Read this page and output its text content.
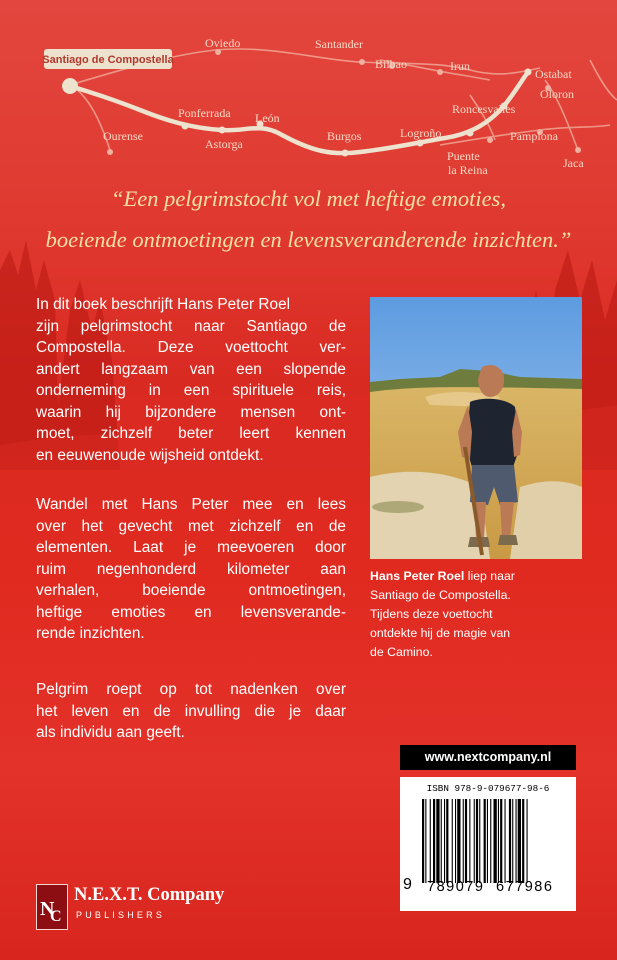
Santiago de Compostella
Oviedo	Santander
Bilbao	Irun
Ostabat
Oloron
Ponferrada León
Ourense
Astorga
Burgos	Logroño
Roncesvalles
Pamplona
Puente
la Reina	Jaca
“Een pelgrimstocht vol met heftige emoties,
boeiende ontmoetingen en levensveranderende inzichten.”
In dit boek beschrijft Hans Peter Roel
zijn pelgrimstocht naar Santiago de
Compostella. Deze voettocht ver-
andert langzaam van een slopende
onderneming in een spirituele reis,
waarin hij bijzondere mensen ont-
moet, zichzelf beter leert kennen
en eeuwenoude wijsheid ontdekt.
Wandel met Hans Peter mee en lees
over het gevecht met zichzelf en de
elementen. Laat je meevoeren door
ruim negenhonderd kilometer aan
verhalen, boeiende ontmoetingen,
heftige emoties en levensverande-
rende inzichten.
Pelgrim roept op tot nadenken over
het leven en de invulling die je daar
als individu aan geeft.
Hans Peter Roel liep naar
Santiago de Compostella.
Tijdens deze voettocht
ontdekte hij de magie van
de Camino.
www.nextcompany.nl
ISBN 978-9-079677-98-6
9 789079 677986
N
C
N.E.X.T. Company
PUBLISHERS
